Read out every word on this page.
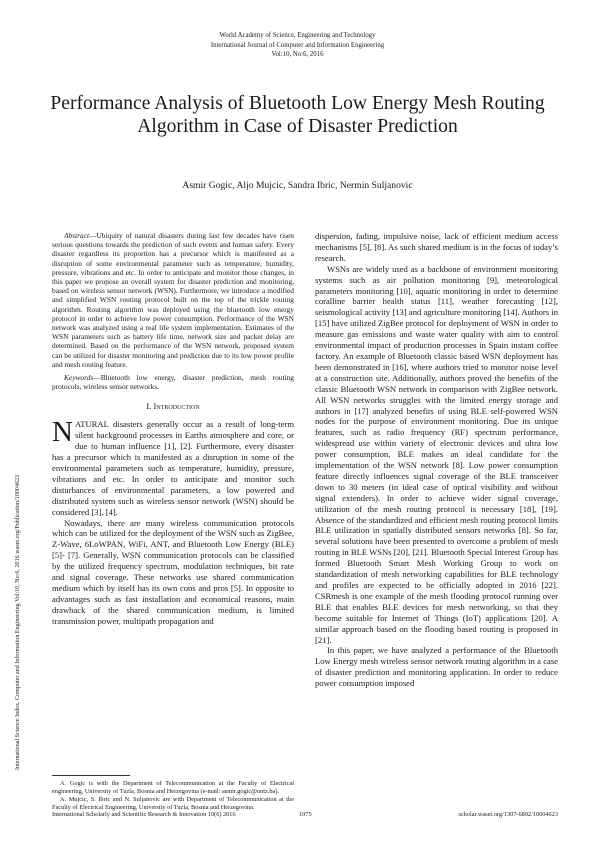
World Academy of Science, Engineering and Technology
International Journal of Computer and Information Engineering
Vol:10, No:6, 2016
Performance Analysis of Bluetooth Low Energy Mesh Routing Algorithm in Case of Disaster Prediction
Asmir Gogic, Aljo Mujcic, Sandra Ibric, Nermin Suljanovic
International Science Index, Computer and Information Engineering Vol:10, No:6, 2016 waset.org/Publication/10004623

Abstract—Ubiquity of natural disasters during last few decades have risen serious questions towards the prediction of such events and human safety. Every disaster regardless its proportion has a precursor which is manifested as a disruption of some environmental parameter such as temperature, humidity, pressure, vibrations and etc. In order to anticipate and monitor those changes, in this paper we propose an overall system for disaster prediction and monitoring, based on wireless sensor network (WSN). Furthermore, we introduce a modified and simplified WSN routing protocol built on the top of the trickle routing algorithm. Routing algorithm was deployed using the bluetooth low energy protocol in order to achieve low power consumption. Performance of the WSN network was analyzed using a real life system implementation. Estimates of the WSN parameters such as battery life time, network size and packet delay are determined. Based on the performance of the WSN network, proposed system can be utilized for disaster monitoring and prediction due to its low power profile and mesh routing feature.

Keywords—Bluetooth low energy, disaster prediction, mesh routing protocols, wireless sensor networks.

I. Introduction

NATURAL disasters generally occur as a result of long-term silent background processes in Earths atmosphere and core, or due to human influence [1], [2]. Furthermore, every disaster has a precursor which is manifested as a disruption in some of the environmental parameters such as temperature, humidity, pressure, vibrations and etc. In order to anticipate and monitor such disturbances of environmental parameters, a low powered and distributed system such as wireless sensor network (WSN) should be considered [3], [4].

Nowadays, there are many wireless communication protocols which can be utilized for the deployment of the WSN such as ZigBee, Z-Wave, 6LoWPAN, WiFi, ANT, and Bluetooth Low Energy (BLE) [5]- [7]. Generally, WSN communication protocols can be classified by the utilized frequency spectrum, modulation techniques, bit rate and signal coverage. These networks use shared communication medium which by itself has its own cons and pros [5]. In opposite to advantages such as fast installation and economical reasons, main drawback of the shared communication medium, is limited transmission power, multipath propagation and

A. Gogic is with the Department of Telecommunication at the Faculty of Electrical engineering, University of Tuzla, Bosnia and Herzegovina (e-mail: asmir.gogic@untz.ba).

A. Mujcic, S. Ibric and N. Suljanovic are with Department of Telecommunication at the Faculty of Electrical Engineering, University of Tuzla, Bosnia and Herzegovina.

dispersion, fading, impulsive noise, lack of efficient medium access mechanisms [5], [8]. As such shared medium is in the focus of today’s research.

WSNs are widely used as a backbone of environment monitoring systems such as air pollution monitoring [9], meteorological parameters monitoring [10], aquatic monitoring in order to determine coralline barrier health status [11], weather forecasting [12], seismological activity [13] and agriculture monitoring [14]. Authors in [15] have utilized ZigBee protocol for deployment of WSN in order to measure gas emissions and waste water quality with aim to control environmental impact of production processes in Spain instant coffee factory. An example of Bluetooth classic based WSN deployment has been demonstrated in [16], where authors tried to monitor noise level at a construction site. Additionally, authors proved the benefits of the classic Bluetooth WSN network in comparison with ZigBee network. All WSN networks struggles with the limited energy storage and authors in [17] analyzed benefits of using BLE self-powered WSN nodes for the purpose of environment monitoring. Due its unique features, such as radio frequency (RF) spectrum performance, widespread use within variety of electronic devices and ultra low power consumption, BLE makes an ideal candidate for the implementation of the WSN network [8]. Low power consumption feature directly influences signal coverage of the BLE transceiver down to 30 meters (in ideal case of optical visibility and without signal extenders). In order to achieve wider signal coverage, utilization of the mesh routing protocol is necessary [18], [19]. Absence of the standardized and efficient mesh routing protocol limits BLE utilization in spatially distributed sensors networks [8]. So far, several solutions have been presented to overcome a problem of mesh routing in BLE WSNs [20], [21]. Bluetooth Special Interest Group has formed Bluetooth Smart Mesh Working Group to work on standardization of mesh networking capabilities for BLE technology and profiles are expected to be officially adopted in 2016 [22]. CSRmesh is one example of the mesh flooding protocol running over BLE that enables BLE devices for mesh networking, so that they become suitable for Internet of Things (IoT) applications [20]. A similar approach based on the flooding based routing is proposed in [21].

In this paper, we have analyzed a performance of the Bluetooth Low Energy mesh wireless sensor network routing algorithm in a case of disaster prediction and monitoring application. In order to reduce power consumption imposed

International Scholarly and Scientific Research & Innovation 10(6) 2016	1075	scholar.waset.org/1307-6892/10004623
